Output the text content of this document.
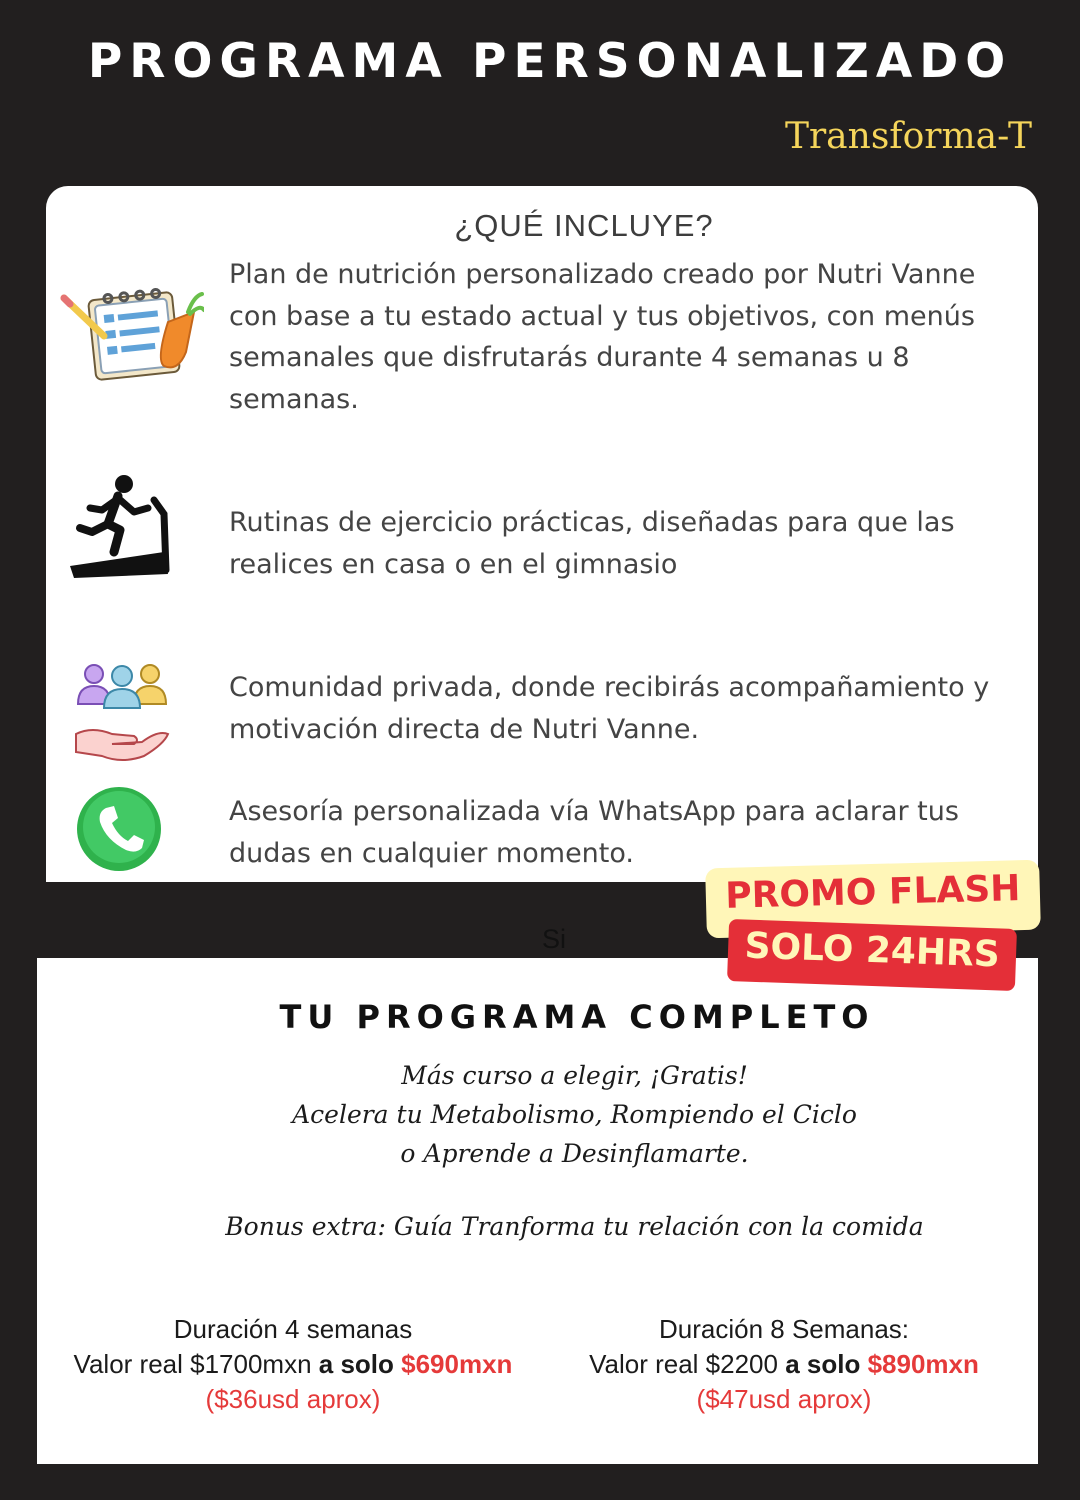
PROGRAMA PERSONALIZADO
Transforma-T
¿QUÉ INCLUYE?
Plan de nutrición personalizado creado por Nutri Vanne con base a tu estado actual y tus objetivos, con menús semanales que disfrutarás durante 4 semanas u 8 semanas.
Rutinas de ejercicio prácticas, diseñadas para que las realices en casa o en el gimnasio
Comunidad privada, donde recibirás acompañamiento y motivación directa de Nutri Vanne.
Asesoría personalizada vía WhatsApp para aclarar tus dudas en cualquier momento.
Si
TU PROGRAMA COMPLETO
Más curso a elegir, ¡Gratis!
Acelera tu Metabolismo, Rompiendo el Ciclo
o Aprende a Desinflamarte.
Bonus extra: Guía Tranforma tu relación con la comida
Duración 4 semanas
Valor real $1700mxn a solo $690mxn
($36usd aprox)
Duración 8 Semanas:
Valor real $2200 a solo $890mxn
($47usd aprox)
PROMO FLASH
SOLO 24HRS
